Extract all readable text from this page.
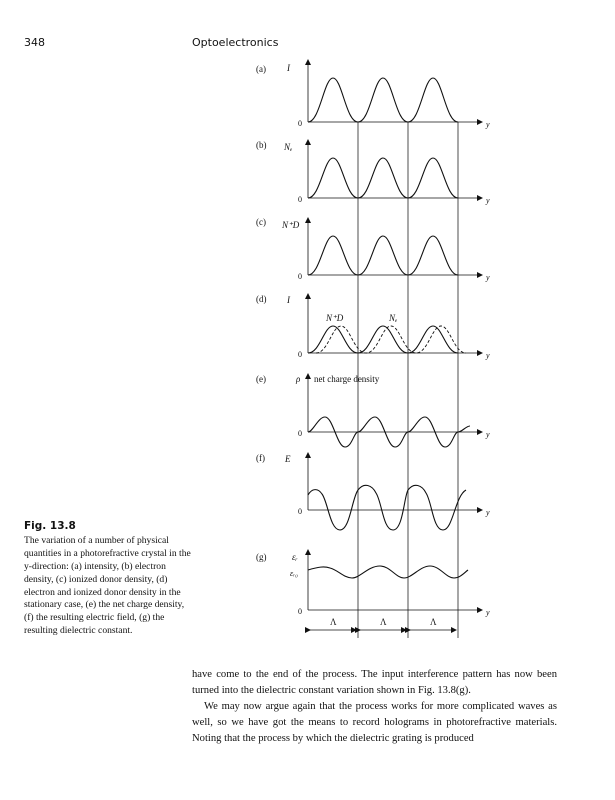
348	Optoelectronics
(a) I
0	y
(b) Nₑ
0	y
(c) N⁺D
0	y
(d) I
0	y
N⁺D	Nₑ
(e)	ρ net charge density
0	y
(f) E
0	y
(g)	εᵣ
εᵣ₀
0	y
Λ	Λ	Λ
Fig. 13.8
The variation of a number of physical quantities in a photorefractive crystal in the y-direction: (a) intensity, (b) electron density, (c) ionized donor density, (d) electron and ionized donor density in the stationary case, (e) the net charge density, (f) the resulting electric field, (g) the resulting dielectric constant.

have come to the end of the process. The input interference pattern has now been turned into the dielectric constant variation shown in Fig. 13.8(g).

We may now argue again that the process works for more complicated waves as well, so we have got the means to record holograms in photorefractive materials. Noting that the process by which the dielectric grating is produced
